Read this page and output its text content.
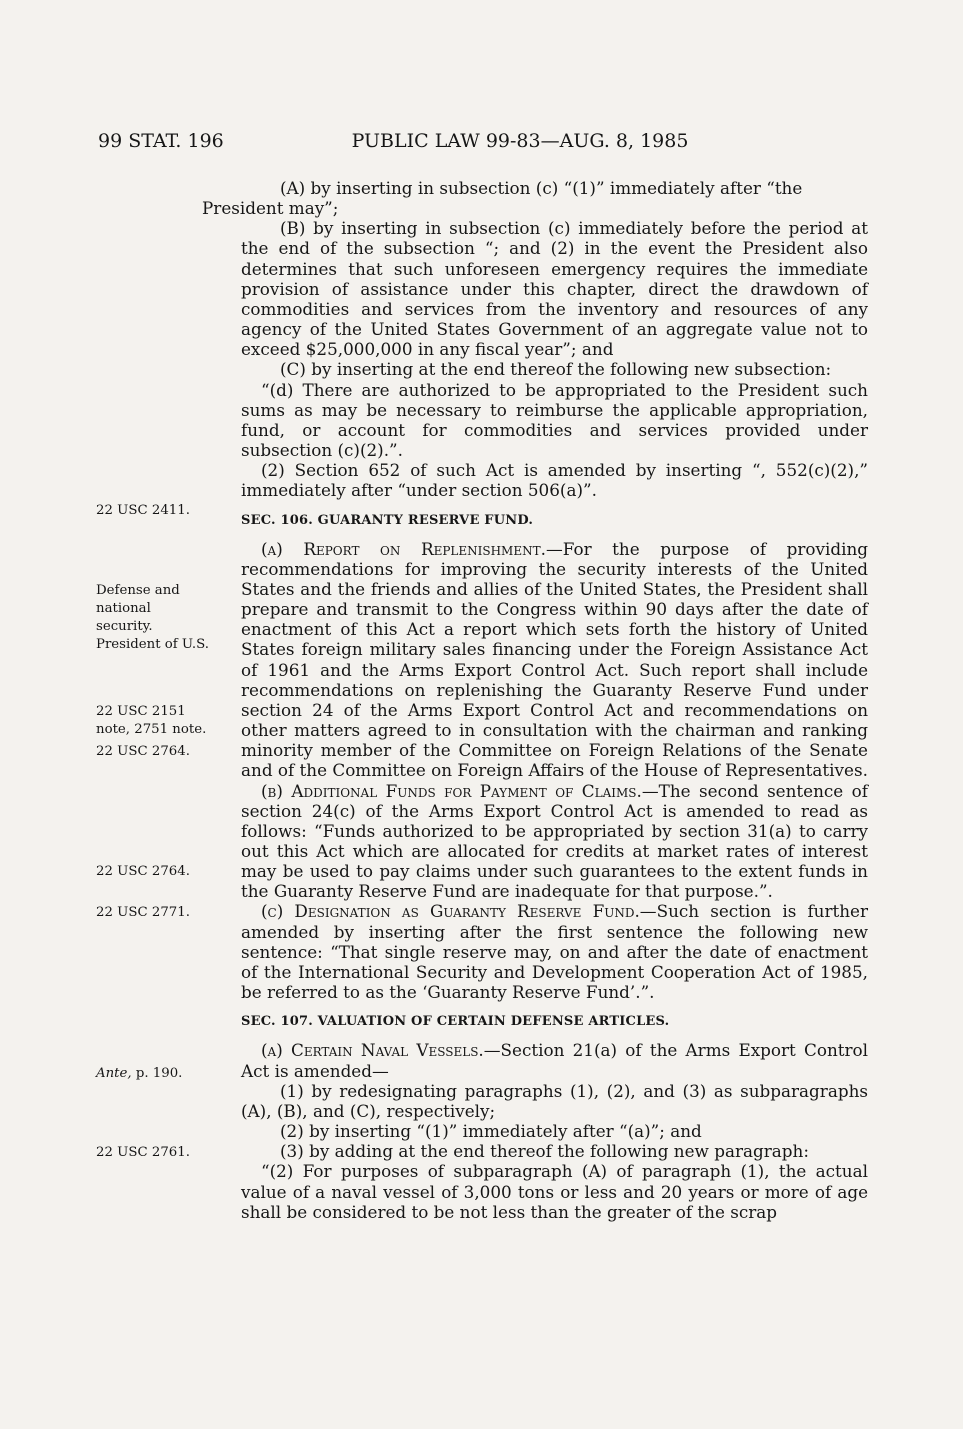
99 STAT. 196	PUBLIC LAW 99-83—AUG. 8, 1985
22 USC 2411.
Defense and
national
security.
President of U.S.
22 USC 2151
note, 2751 note.
22 USC 2764.
22 USC 2764.
22 USC 2771.
Ante, p. 190.
22 USC 2761.

(A) by inserting in subsection (c) “(1)” immediately after “the
President may”;

(B) by inserting in subsection (c) immediately before the period at the end of the subsection “; and (2) in the event the President also determines that such unforeseen emergency requires the immediate provision of assistance under this chapter, direct the drawdown of commodities and services from the inventory and resources of any agency of the United States Government of an aggregate value not to exceed $25,000,000 in any fiscal year”; and

(C) by inserting at the end thereof the following new subsection:

“(d) There are authorized to be appropriated to the President such sums as may be necessary to reimburse the applicable appropriation, fund, or account for commodities and services provided under subsection (c)(2).”.

(2) Section 652 of such Act is amended by inserting “, 552(c)(2),” immediately after “under section 506(a)”.

SEC. 106. GUARANTY RESERVE FUND.

(a) Report on Replenishment.—For the purpose of providing recommendations for improving the security interests of the United States and the friends and allies of the United States, the President shall prepare and transmit to the Congress within 90 days after the date of enactment of this Act a report which sets forth the history of United States foreign military sales financing under the Foreign Assistance Act of 1961 and the Arms Export Control Act. Such report shall include recommendations on replenishing the Guaranty Reserve Fund under section 24 of the Arms Export Control Act and recommendations on other matters agreed to in consultation with the chairman and ranking minority member of the Committee on Foreign Relations of the Senate and of the Committee on Foreign Affairs of the House of Representatives.

(b) Additional Funds for Payment of Claims.—The second sentence of section 24(c) of the Arms Export Control Act is amended to read as follows: “Funds authorized to be appropriated by section 31(a) to carry out this Act which are allocated for credits at market rates of interest may be used to pay claims under such guarantees to the extent funds in the Guaranty Reserve Fund are inadequate for that purpose.”.

(c) Designation as Guaranty Reserve Fund.—Such section is further amended by inserting after the first sentence the following new sentence: “That single reserve may, on and after the date of enactment of the International Security and Development Cooperation Act of 1985, be referred to as the ‘Guaranty Reserve Fund’.”.

SEC. 107. VALUATION OF CERTAIN DEFENSE ARTICLES.

(a) Certain Naval Vessels.—Section 21(a) of the Arms Export Control Act is amended—

(1) by redesignating paragraphs (1), (2), and (3) as subparagraphs (A), (B), and (C), respectively;

(2) by inserting “(1)” immediately after “(a)”; and

(3) by adding at the end thereof the following new paragraph:

“(2) For purposes of subparagraph (A) of paragraph (1), the actual value of a naval vessel of 3,000 tons or less and 20 years or more of age shall be considered to be not less than the greater of the scrap
